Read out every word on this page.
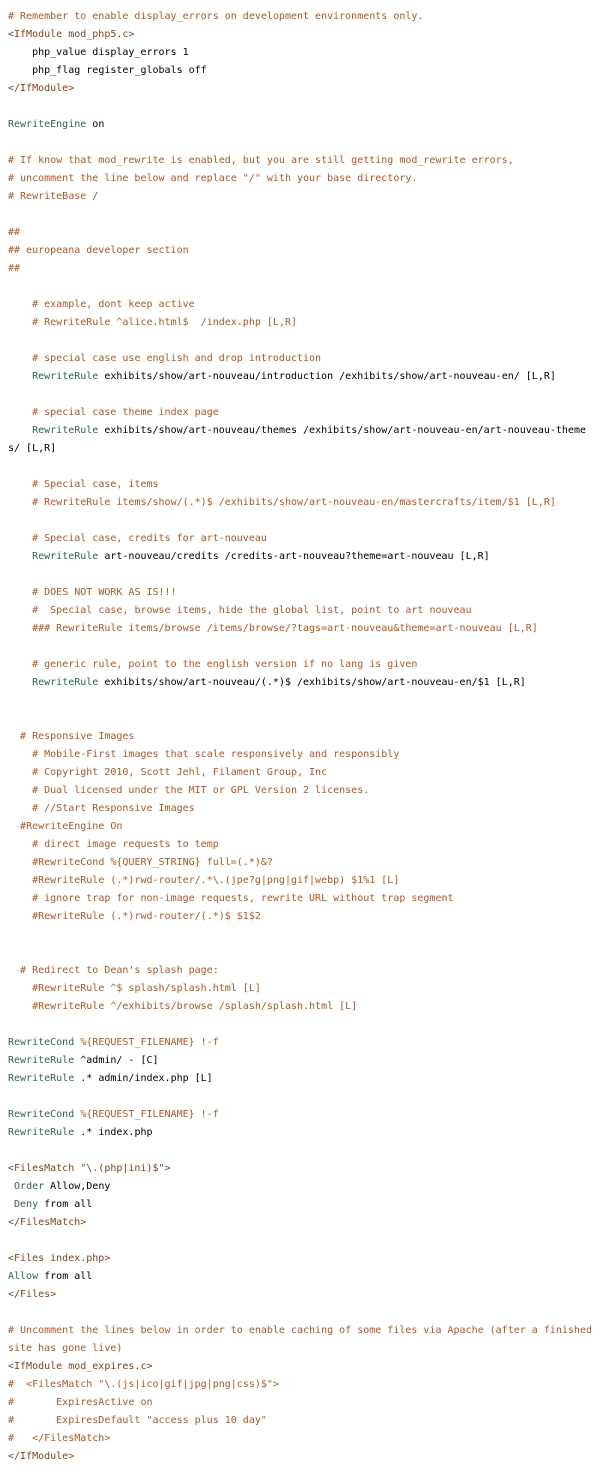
# Remember to enable display_errors on development environments only.
<IfModule mod_php5.c>
php_value display_errors 1
php_flag register_globals off
</IfModule>
RewriteEngine on
# If know that mod_rewrite is enabled, but you are still getting mod_rewrite errors,
# uncomment the line below and replace "/" with your base directory.
# RewriteBase /
##
## europeana developer section
##
# example, dont keep active
# RewriteRule ^alice.html$  /index.php [L,R]
# special case use english and drop introduction
RewriteRule exhibits/show/art-nouveau/introduction /exhibits/show/art-nouveau-en/ [L,R]
# special case theme index page
RewriteRule exhibits/show/art-nouveau/themes /exhibits/show/art-nouveau-en/art-nouveau-themes/ [L,R]
# Special case, items
# RewriteRule items/show/(.*)$ /exhibits/show/art-nouveau-en/mastercrafts/item/$1 [L,R]
# Special case, credits for art-nouveau
RewriteRule art-nouveau/credits /credits-art-nouveau?theme=art-nouveau [L,R]
# DOES NOT WORK AS IS!!!
#  Special case, browse items, hide the global list, point to art nouveau
### RewriteRule items/browse /items/browse/?tags=art-nouveau&theme=art-nouveau [L,R]
# generic rule, point to the english version if no lang is given
RewriteRule exhibits/show/art-nouveau/(.*)$ /exhibits/show/art-nouveau-en/$1 [L,R]
# Responsive Images
# Mobile-First images that scale responsively and responsibly
# Copyright 2010, Scott Jehl, Filament Group, Inc
# Dual licensed under the MIT or GPL Version 2 licenses.
# //Start Responsive Images
#RewriteEngine On
# direct image requests to temp
#RewriteCond %{QUERY_STRING} full=(.*)&?
#RewriteRule (.*)rwd-router/.*\.(jpe?g|png|gif|webp) $1%1 [L]
# ignore trap for non-image requests, rewrite URL without trap segment
#RewriteRule (.*)rwd-router/(.*)$ $1$2
# Redirect to Dean's splash page:
#RewriteRule ^$ splash/splash.html [L]
#RewriteRule ^/exhibits/browse /splash/splash.html [L]
RewriteCond %{REQUEST_FILENAME} !-f
RewriteRule ^admin/ - [C]
RewriteRule .* admin/index.php [L]
RewriteCond %{REQUEST_FILENAME} !-f
RewriteRule .* index.php
<FilesMatch "\.(php|ini)$">
Order Allow,Deny
Deny from all
</FilesMatch>
<Files index.php>
Allow from all
</Files>
# Uncomment the lines below in order to enable caching of some files via Apache (after a finished site has gone live)
<IfModule mod_expires.c>
#  <FilesMatch "\.(js|ico|gif|jpg|png|css)$">
#       ExpiresActive on
#       ExpiresDefault "access plus 10 day"
#   </FilesMatch>
</IfModule>
